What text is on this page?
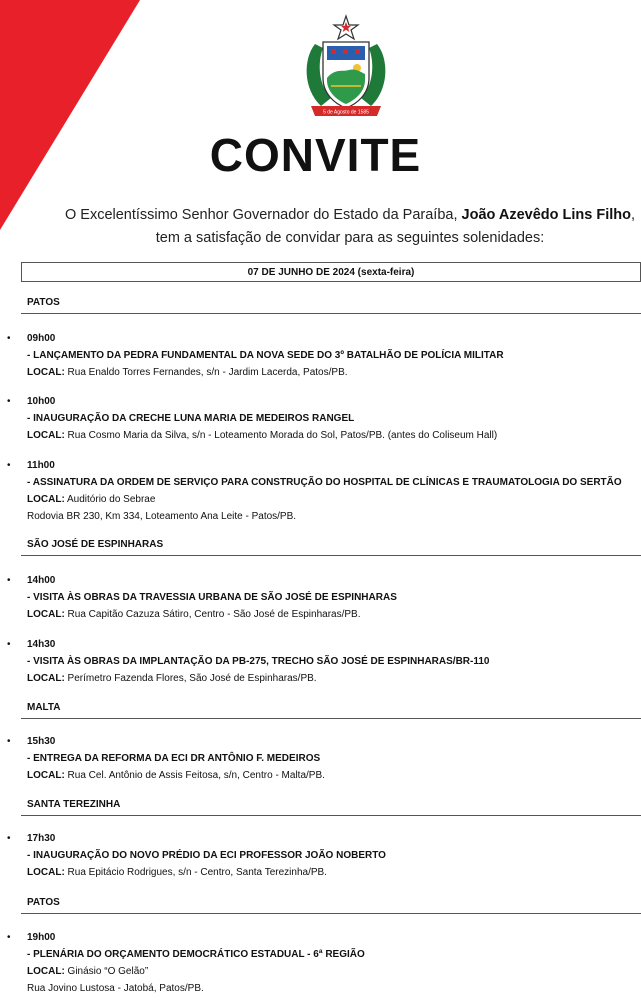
5 de Agosto de 1585
CONVITE
O Excelentíssimo Senhor Governador do Estado da Paraíba, João Azevêdo Lins Filho,
tem a satisfação de convidar para as seguintes solenidades:
07 DE JUNHO DE 2024 (sexta-feira)
PATOS
• 09h00
- LANÇAMENTO DA PEDRA FUNDAMENTAL DA NOVA SEDE DO 3º BATALHÃO DE POLÍCIA MILITAR
LOCAL: Rua Enaldo Torres Fernandes, s/n - Jardim Lacerda, Patos/PB.
• 10h00
- INAUGURAÇÃO DA CRECHE LUNA MARIA DE MEDEIROS RANGEL
LOCAL: Rua Cosmo Maria da Silva, s/n - Loteamento Morada do Sol, Patos/PB. (antes do Coliseum Hall)
• 11h00
- ASSINATURA DA ORDEM DE SERVIÇO PARA CONSTRUÇÃO DO HOSPITAL DE CLÍNICAS E TRAUMATOLOGIA DO SERTÃO
LOCAL: Auditório do Sebrae
Rodovia BR 230, Km 334, Loteamento Ana Leite - Patos/PB.
SÃO JOSÉ DE ESPINHARAS
• 14h00
- VISITA ÀS OBRAS DA TRAVESSIA URBANA DE SÃO JOSÉ DE ESPINHARAS
LOCAL: Rua Capitão Cazuza Sátiro, Centro - São José de Espinharas/PB.
• 14h30
- VISITA ÀS OBRAS DA IMPLANTAÇÃO DA PB-275, TRECHO SÃO JOSÉ DE ESPINHARAS/BR-110
LOCAL: Perímetro Fazenda Flores, São José de Espinharas/PB.
MALTA
• 15h30
- ENTREGA DA REFORMA DA ECI DR ANTÔNIO F. MEDEIROS
LOCAL: Rua Cel. Antônio de Assis Feitosa, s/n, Centro - Malta/PB.
SANTA TEREZINHA
• 17h30
- INAUGURAÇÃO DO NOVO PRÉDIO DA ECI PROFESSOR JOÃO NOBERTO
LOCAL: Rua Epitácio Rodrigues, s/n - Centro, Santa Terezinha/PB.
PATOS
• 19h00
- PLENÁRIA DO ORÇAMENTO DEMOCRÁTICO ESTADUAL - 6ª REGIÃO
LOCAL: Ginásio “O Gelão”
Rua Jovino Lustosa - Jatobá, Patos/PB.
